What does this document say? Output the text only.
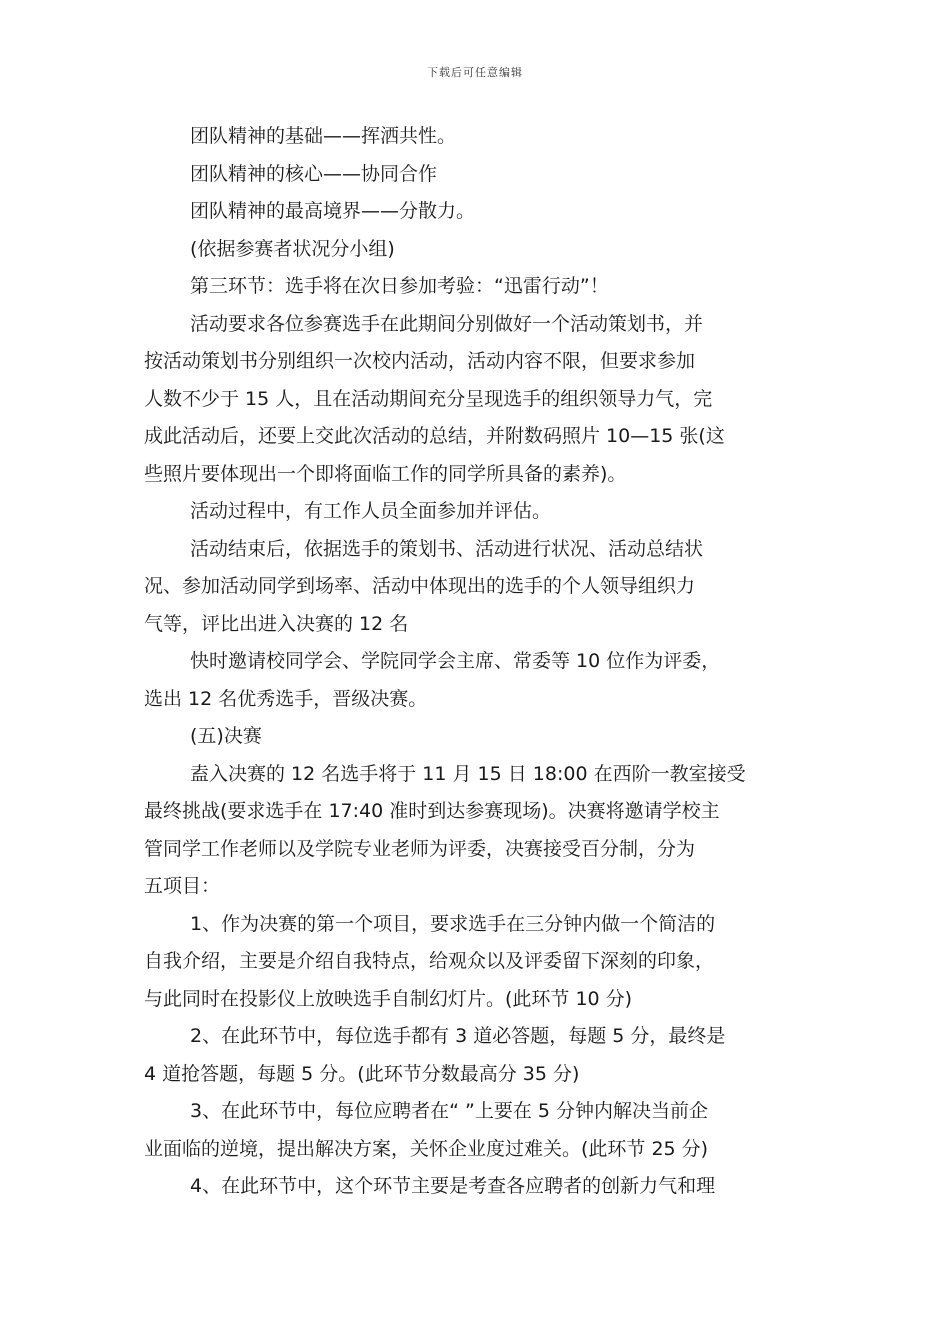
下载后可任意编辑
团队精神的基础——挥洒共性。
团队精神的核心——协同合作
团队精神的最高境界——分散力。
(依据参赛者状况分小组)
第三环节：选手将在次日参加考验：“迅雷行动”！
活动要求各位参赛选手在此期间分别做好一个活动策划书，并
按活动策划书分别组织一次校内活动，活动内容不限，但要求参加
人数不少于 15 人，且在活动期间充分呈现选手的组织领导力气，完
成此活动后，还要上交此次活动的总结，并附数码照片 10—15 张(这
些照片要体现出一个即将面临工作的同学所具备的素养)。
活动过程中，有工作人员全面参加并评估。
活动结束后，依据选手的策划书、活动进行状况、活动总结状
况、参加活动同学到场率、活动中体现出的选手的个人领导组织力
气等，评比出进入决赛的 12 名
快时邀请校同学会、学院同学会主席、常委等 10 位作为评委，
选出 12 名优秀选手，晋级决赛。
(五)决赛
盍入决赛的 12 名选手将于 11 月 15 日 18:00 在西阶一教室接受
最终挑战(要求选手在 17:40 准时到达参赛现场)。决赛将邀请学校主
管同学工作老师以及学院专业老师为评委，决赛接受百分制，分为
五项目：
1、作为决赛的第一个项目，要求选手在三分钟内做一个简洁的
自我介绍，主要是介绍自我特点，给观众以及评委留下深刻的印象，
与此同时在投影仪上放映选手自制幻灯片。(此环节 10 分)
2、在此环节中，每位选手都有 3 道必答题，每题 5 分，最终是
4 道抢答题，每题 5 分。(此环节分数最高分 35 分)
3、在此环节中，每位应聘者在“ ”上要在 5 分钟内解决当前企
业面临的逆境，提出解决方案，关怀企业度过难关。(此环节 25 分)
4、在此环节中，这个环节主要是考查各应聘者的创新力气和理
